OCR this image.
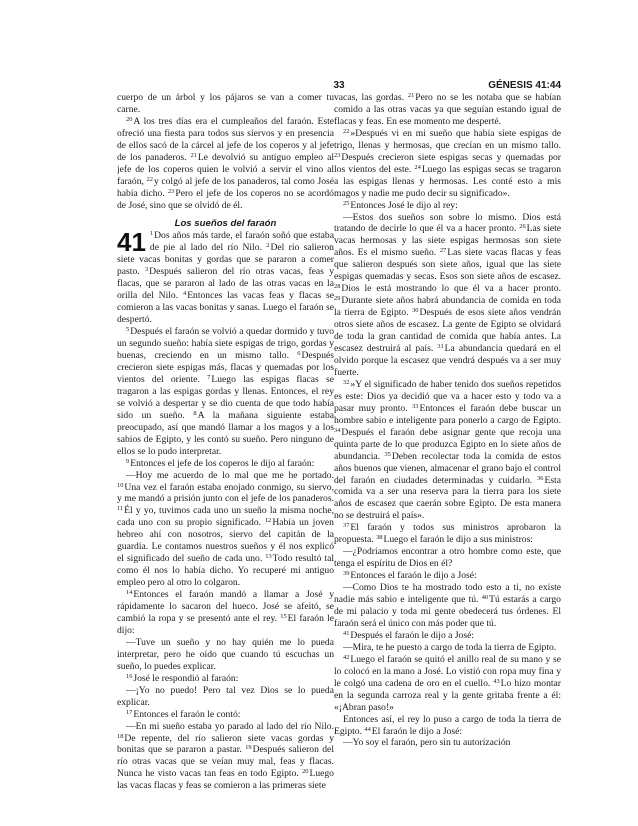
33	GÉNESIS 41:44

cuerpo de un árbol y los pájaros se van a comer tu carne.

$^{20}$A los tres días era el cumpleaños del faraón. Este ofreció una fiesta para todos sus siervos y en presencia de ellos sacó de la cárcel al jefe de los coperos y al jefe de los panaderos. $^{21}$Le devolvió su antiguo empleo al jefe de los coperos quien le volvió a servir el vino al faraón, $^{22}$y colgó al jefe de los panaderos, tal como José había dicho. $^{23}$Pero el jefe de los coperos no se acordó de José, sino que se olvidó de él.

Los sueños del faraón

41 $^1$Dos años más tarde, el faraón soñó que estaba de pie al lado del río Nilo. $^2$Del río salieron siete vacas bonitas y gordas que se pararon a comer pasto. $^3$Después salieron del río otras vacas, feas y flacas, que se pararon al lado de las otras vacas en la orilla del Nilo. $^4$Entonces las vacas feas y flacas se comieron a las vacas bonitas y sanas. Luego el faraón se despertó.

$^5$Después el faraón se volvió a quedar dormido y tuvo un segundo sueño: había siete espigas de trigo, gordas y buenas, creciendo en un mismo tallo. $^6$Después crecieron siete espigas más, flacas y quemadas por los vientos del oriente. $^7$Luego las espigas flacas se tragaron a las espigas gordas y llenas. Entonces, el rey se volvió a despertar y se dio cuenta de que todo había sido un sueño. $^8$A la mañana siguiente estaba preocupado, así que mandó llamar a los magos y a los sabios de Egipto, y les contó su sueño. Pero ninguno de ellos se lo pudo interpretar.

$^9$Entonces el jefe de los coperos le dijo al faraón:

—Hoy me acuerdo de lo mal que me he portado. $^{10}$Una vez el faraón estaba enojado conmigo, su siervo, y me mandó a prisión junto con el jefe de los panaderos. $^{11}$Él y yo, tuvimos cada uno un sueño la misma noche, cada uno con su propio significado. $^{12}$Había un joven hebreo ahí con nosotros, siervo del capitán de la guardia. Le contamos nuestros sueños y él nos explicó el significado del sueño de cada uno. $^{13}$Todo resultó tal como él nos lo había dicho. Yo recuperé mi antiguo empleo pero al otro lo colgaron.

$^{14}$Entonces el faraón mandó a llamar a José y rápidamente lo sacaron del hueco. José se afeitó, se cambió la ropa y se presentó ante el rey. $^{15}$El faraón le dijo:

—Tuve un sueño y no hay quién me lo pueda interpretar, pero he oído que cuando tú escuchas un sueño, lo puedes explicar.

$^{16}$José le respondió al faraón:

—¡Yo no puedo! Pero tal vez Dios se lo pueda explicar.

$^{17}$Entonces el faraón le contó:

—En mi sueño estaba yo parado al lado del río Nilo. $^{18}$De repente, del río salieron siete vacas gordas y bonitas que se pararon a pastar. $^{19}$Después salieron del río otras vacas que se veían muy mal, feas y flacas. Nunca he visto vacas tan feas en todo Egipto. $^{20}$Luego las vacas flacas y feas se comieron a las primeras siete

vacas, las gordas. $^{21}$Pero no se les notaba que se habían comido a las otras vacas ya que seguían estando igual de flacas y feas. En ese momento me desperté.

$^{22}$»Después vi en mi sueño que había siete espigas de trigo, llenas y hermosas, que crecían en un mismo tallo. $^{23}$Después crecieron siete espigas secas y quemadas por los vientos del este. $^{24}$Luego las espigas secas se tragaron a las espigas llenas y hermosas. Les conté esto a mis magos y nadie me pudo decir su significado».

$^{25}$Entonces José le dijo al rey:

—Estos dos sueños son sobre lo mismo. Dios está tratando de decirle lo que él va a hacer pronto. $^{26}$Las siete vacas hermosas y las siete espigas hermosas son siete años. Es el mismo sueño. $^{27}$Las siete vacas flacas y feas que salieron después son siete años, igual que las siete espigas quemadas y secas. Esos son siete años de escasez. $^{28}$Dios le está mostrando lo que él va a hacer pronto. $^{29}$Durante siete años habrá abundancia de comida en toda la tierra de Egipto. $^{30}$Después de esos siete años vendrán otros siete años de escasez. La gente de Egipto se olvidará de toda la gran cantidad de comida que había antes. La escasez destruirá al país. $^{31}$La abundancia quedará en el olvido porque la escasez que vendrá después va a ser muy fuerte.

$^{32}$»Y el significado de haber tenido dos sueños repetidos es este: Dios ya decidió que va a hacer esto y todo va a pasar muy pronto. $^{33}$Entonces el faraón debe buscar un hombre sabio e inteligente para ponerlo a cargo de Egipto. $^{34}$Después el faraón debe asignar gente que recoja una quinta parte de lo que produzca Egipto en lo siete años de abundancia. $^{35}$Deben recolectar toda la comida de estos años buenos que vienen, almacenar el grano bajo el control del faraón en ciudades determinadas y cuidarlo. $^{36}$Esta comida va a ser una reserva para la tierra para los siete años de escasez que caerán sobre Egipto. De esta manera no se destruirá el país».

$^{37}$El faraón y todos sus ministros aprobaron la propuesta. $^{38}$Luego el faraón le dijo a sus ministros:

—¿Podríamos encontrar a otro hombre como este, que tenga el espíritu de Dios en él?

$^{39}$Entonces el faraón le dijo a José:

—Como Dios te ha mostrado todo esto a ti, no existe nadie más sabio e inteligente que tú. $^{40}$Tú estarás a cargo de mi palacio y toda mi gente obedecerá tus órdenes. El faraón será el único con más poder que tú.

$^{41}$Después el faraón le dijo a José:

—Mira, te he puesto a cargo de toda la tierra de Egipto.

$^{42}$Luego el faraón se quitó el anillo real de su mano y se lo colocó en la mano a José. Lo vistió con ropa muy fina y le colgó una cadena de oro en el cuello. $^{43}$Lo hizo montar en la segunda carroza real y la gente gritaba frente a él: «¡Abran paso!»

Entonces así, el rey lo puso a cargo de toda la tierra de Egipto. $^{44}$El faraón le dijo a José:

—Yo soy el faraón, pero sin tu autorización
